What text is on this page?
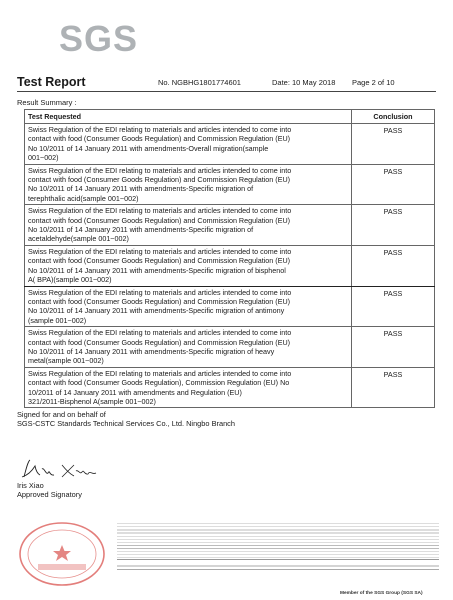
SGS
Test Report	No. NGBHG1801774601	Date: 10 May 2018 Page 2 of 10
Result Summary :
Test Requested	Conclusion

Swiss Regulation of the EDI relating to materials and articles intended to come into
contact with food (Consumer Goods Regulation) and Commission Regulation (EU)
No 10/2011 of 14 January 2011 with amendments-Overall migration(sample
001~002)	PASS

Swiss Regulation of the EDI relating to materials and articles intended to come into
contact with food (Consumer Goods Regulation) and Commission Regulation (EU)
No 10/2011 of 14 January 2011 with amendments-Specific migration of
terephthalic acid(sample 001~002)	PASS

Swiss Regulation of the EDI relating to materials and articles intended to come into
contact with food (Consumer Goods Regulation) and Commission Regulation (EU)
No 10/2011 of 14 January 2011 with amendments-Specific migration of
acetaldehyde(sample 001~002)	PASS

Swiss Regulation of the EDI relating to materials and articles intended to come into
contact with food (Consumer Goods Regulation) and Commission Regulation (EU)
No 10/2011 of 14 January 2011 with amendments-Specific migration of bisphenol
A( BPA)(sample 001~002)	PASS

Swiss Regulation of the EDI relating to materials and articles intended to come into
contact with food (Consumer Goods Regulation) and Commission Regulation (EU)
No 10/2011 of 14 January 2011 with amendments-Specific migration of antimony
(sample 001~002)	PASS

Swiss Regulation of the EDI relating to materials and articles intended to come into
contact with food (Consumer Goods Regulation) and Commission Regulation (EU)
No 10/2011 of 14 January 2011 with amendments-Specific migration of heavy
metal(sample 001~002)	PASS

Swiss Regulation of the EDI relating to materials and articles intended to come into
contact with food (Consumer Goods Regulation), Commission Regulation (EU) No
10/2011 of 14 January 2011 with amendments and Regulation (EU)
321/2011-Bisphenol A(sample 001~002)	PASS
Signed for and on behalf of
SGS-CSTC Standards Technical Services Co., Ltd. Ningbo Branch
Iris Xiao
Approved Signatory
Member of the SGS Group (SGS SA)
